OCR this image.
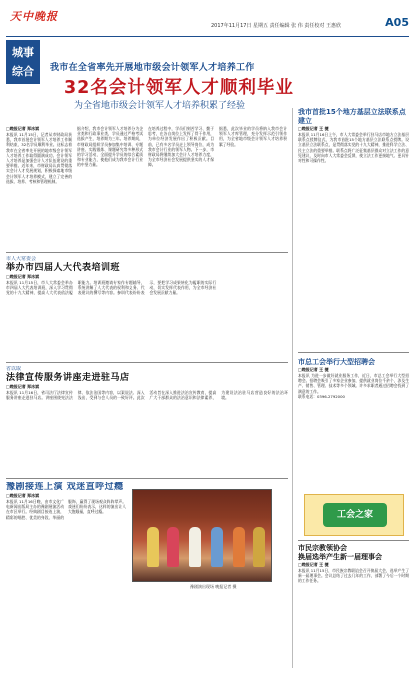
天中晚报
2017年11月17日 星期五 责任编辑 张 伟 责任校对 王惠欣	A05
城事
综合	我市在全省率先开展地市级会计领军人才培养工作
32名会计领军人才顺利毕业
为全省地市级会计领军人才培养积累了经验
□晚报记者 郑冰斌
本报讯 11月15日，记者从市财政局获悉，我市首批会计领军人才培养工作顺利结束，32名学员顺利毕业。这标志着我市在全省率先开展的地市级会计领军人才培养工作取得圆满成功。会计领军人才培养是加强会计人才队伍建设的重要举措。近年来，市财政局认真贯彻落实会计人才发展规划，积极探索地市级会计领军人才培养模式，建立了完善的选拔、培养、考核和管理机制。
据介绍，我市会计领军人才培养分为企业类和行政事业类，学员通过严格考试选拔产生，培养期为三年。培养期间，市财政局组织学员参加集中培训、专题讲座、实践锻炼、课题研究等多种形式的学习活动，全面提升学员的综合素质和专业能力，使他们成为我市会计行业的中坚力量。
在培养过程中，学员们刻苦学习、勤于思考，在各自岗位上发挥了骨干作用，为单位经济发展作出了积极贡献。目前，已有多名学员走上领导岗位，成为我市会计行业的领军人物。下一步，市财政局将继续加大会计人才培养力度，为全市经济社会发展提供坚实的人才保障。
据悉，此次毕业的学员将纳入我市会计领军人才库管理，充分发挥示范引领作用，为全省地市级会计领军人才培养积累了经验。
我市首批15个地方基层立法联系点建立
□晚报记者 王 捷
本报讯 11月16日上午，市人大常委会举行驻马店市地方立法基层联系点授牌仪式，为我市首批15个地方基层立法联系点授牌。设立基层立法联系点，是贯彻落实党的十九大精神，推进科学立法、民主立法的重要举措。联系点将广泛征集基层群众对立法工作的意见建议，及时向市人大常委会反馈，使立法工作更接地气、更具针对性和可操作性。
市人大常委会
举办市四届人大代表培训班
□晚报记者 郑冰斌
本报讯 11月15日，市人大常委会举办市四届人大代表培训班，深入学习贯彻党的十九大精神，提高人大代表依法履职能力。培训班邀请专家作专题辅导，系统讲解了人大代表的权利和义务、代表建议的撰写等内容。参训代表纷纷表示，要把学习成果转化为履职的实际行动，切实发挥代表作用，为全市经济社会发展贡献力量。
省以取
法律宣传服务讲座走进驻马店
□晚报记者 郑冰斌
本报讯 11月16日，省司法厅法律宣传服务讲座走进驻马店。讲座围绕宪法法律、依法治国等内容，以案说法、深入浅出，受到与会人员的一致好评。此次活动旨在深入推进法治宣传教育，提高广大干部群众的法治意识和法律素养，为建设法治驻马店营造良好的法治环境。
市总工会举行大型招聘会
□晚报记者 王 捷
本报讯 为进一步做好就业服务工作，近日，市总工会举行大型招聘会。招聘会吸引了多家企业参加，提供就业岗位千余个，涉及生产、销售、管理、技术等多个领域。许多求职者通过招聘会找到了满意的工作。
联系电话：0396-2792000
豫剧接连上演 戏迷直呼过瘾
□晚报记者 郑冰斌
本报讯 11月16日晚，由市文化广电新闻出版局主办的豫剧展演活动在市区举行。经典剧目接连上演，精彩的唱腔、优美的身段、华丽的服饰，赢得了现场观众阵阵掌声。戏迷们纷纷表示，这样的演出让人大饱眼福，直呼过瘾。
豫剧演出现场 晚报记者 摄
工会之家
市民宗教领协会
换届选举产生新一届理事会
□晚报记者 王 捷
本报讯 11月15日，市民族宗教联谊会召开换届大会，选举产生了新一届理事会。会议总结了过去几年的工作，部署了今后一个时期的工作任务。
